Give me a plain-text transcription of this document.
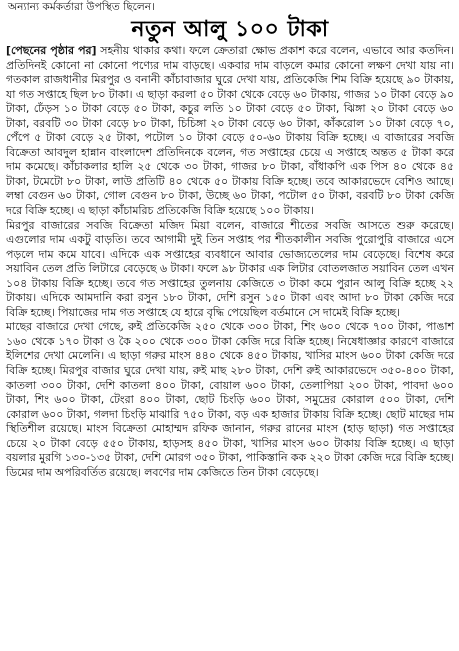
অন্যান্য কর্মকর্তারা উপস্থিত ছিলেন।

নতুন আলু ১০০ টাকা

[পেছনের পৃষ্ঠার পর] সহনীয় থাকার কথা। ফলে ক্রেতারা ক্ষোভ প্রকাশ করে বলেন, এভাবে আর কতদিন। প্রতিদিনই কোনো না কোনো পণ্যের দাম বাড়ছে। একবার দাম বাড়লে কমার কোনো লক্ষণ দেখা যায় না। গতকাল রাজধানীর মিরপুর ও বনানী কাঁচাবাজার ঘুরে দেখা যায়, প্রতিকেজি শিম বিক্রি হয়েছে ৯০ টাকায়, যা গত সপ্তাহে ছিল ৮০ টাকা। এ ছাড়া করলা ৫০ টাকা থেকে বেড়ে ৬০ টাকায়, গাজর ১০ টাকা বেড়ে ৯০ টাকা, ঢেঁড়স ১০ টাকা বেড়ে ৫০ টাকা, কচুর লতি ১০ টাকা বেড়ে ৫০ টাকা, ঝিঙ্গা ২০ টাকা বেড়ে ৬০ টাকা, বরবটি ৩০ টাকা বেড়ে ৮০ টাকা, চিচিঙ্গা ২০ টাকা বেড়ে ৬০ টাকা, কাঁকরোল ১০ টাকা বেড়ে ৭০, পেঁপে ৫ টাকা বেড়ে ২৫ টাকা, পটোল ১০ টাকা বেড়ে ৫০-৬০ টাকায় বিক্রি হচ্ছে। এ বাজারের সবজি বিক্রেতা আবদুল হান্নান বাংলাদেশ প্রতিদিনকে বলেন, গত সপ্তাহের চেয়ে এ সপ্তাহে অন্তত ৫ টাকা করে দাম কমেছে। কাঁচাকলার হালি ২৫ থেকে ৩০ টাকা, গাজর ৮০ টাকা, বাঁধাকপি এক পিস ৪০ থেকে ৪৫ টাকা, টমেটো ৮০ টাকা, লাউ প্রতিটি ৪০ থেকে ৫০ টাকায় বিক্রি হচ্ছে। তবে আকারভেদে বেশিও আছে। লম্বা বেগুন ৬০ টাকা, গোল বেগুন ৮০ টাকা, উচ্ছে ৬০ টাকা, পটোল ৫০ টাকা, বরবটি ৮০ টাকা কেজি দরে বিক্রি হচ্ছে। এ ছাড়া কাঁচামরিচ প্রতিকেজি বিক্রি হয়েছে ১০০ টাকায়।

মিরপুর বাজারের সবজি বিক্রেতা মজিদ মিয়া বলেন, বাজারে শীতের সবজি আসতে শুরু করেছে। এগুলোর দাম একটু বাড়তি। তবে আগামী দুই তিন সপ্তাহ পর শীতকালীন সবজি পুরোপুরি বাজারে এসে পড়লে দাম কমে যাবে। এদিকে এক সপ্তাহের ব্যবধানে আবার ভোজ্যতেলের দাম বেড়েছে। বিশেষ করে সয়াবিন তেল প্রতি লিটারে বেড়েছে ৬ টাকা। ফলে ৯৮ টাকার এক লিটার বোতলজাত সয়াবিন তেল এখন ১০৪ টাকায় বিক্রি হচ্ছে। তবে গত সপ্তাহের তুলনায় কেজিতে ৩ টাকা কমে পুরান আলু বিক্রি হচ্ছে ২২ টাকায়। এদিকে আমদানি করা রসুন ১৮০ টাকা, দেশি রসুন ১৫০ টাকা এবং আদা ৮০ টাকা কেজি দরে বিক্রি হচ্ছে। পিয়াজের দাম গত সপ্তাহে যে হারে বৃদ্ধি পেয়েছিল বর্তমানে সে দামেই বিক্রি হচ্ছে।

মাছের বাজারে দেখা গেছে, রুই প্রতিকেজি ২৫০ থেকে ৩০০ টাকা, শিং ৬০০ থেকে ৭০০ টাকা, পাঙাশ ১৬০ থেকে ১৭০ টাকা ও কৈ ২০০ থেকে ৩০০ টাকা কেজি দরে বিক্রি হচ্ছে। নিষেধাজ্ঞার কারণে বাজারে ইলিশের দেখা মেলেনি। এ ছাড়া গরুর মাংস ৪৪০ থেকে ৪৫০ টাকায়, খাসির মাংস ৬০০ টাকা কেজি দরে বিক্রি হচ্ছে। মিরপুর বাজার ঘুরে দেখা যায়, রুই মাছ ২৮০ টাকা, দেশি রুই আকারভেদে ৩৫০-৪০০ টাকা, কাতলা ৩০০ টাকা, দেশি কাতলা ৪০০ টাকা, বোয়াল ৬০০ টাকা, তেলাপিয়া ২০০ টাকা, পাবদা ৬০০ টাকা, শিং ৬০০ টাকা, টেংরা ৪০০ টাকা, ছোট চিংড়ি ৬০০ টাকা, সমুদ্রের কোরাল ৫০০ টাকা, দেশি কোরাল ৬০০ টাকা, গলদা চিংড়ি মাঝারি ৭৫০ টাকা, বড় এক হাজার টাকায় বিক্রি হচ্ছে। ছোট মাছের দাম স্থিতিশীল রয়েছে। মাংস বিক্রেতা মোহাম্মদ রফিক জানান, গরুর রানের মাংস (হাড় ছাড়া) গত সপ্তাহের চেয়ে ২০ টাকা বেড়ে ৫৫০ টাকায়, হাড়সহ ৪৫০ টাকা, খাসির মাংস ৬০০ টাকায় বিক্রি হচ্ছে। এ ছাড়া বয়লার মুরগি ১৩০-১৩৫ টাকা, দেশি মোরগ ৩৫০ টাকা, পাকিস্তানি কক ২২০ টাকা কেজি দরে বিক্রি হচ্ছে। ডিমের দাম অপরিবর্তিত রয়েছে। লবণের দাম কেজিতে তিন টাকা বেড়েছে।
